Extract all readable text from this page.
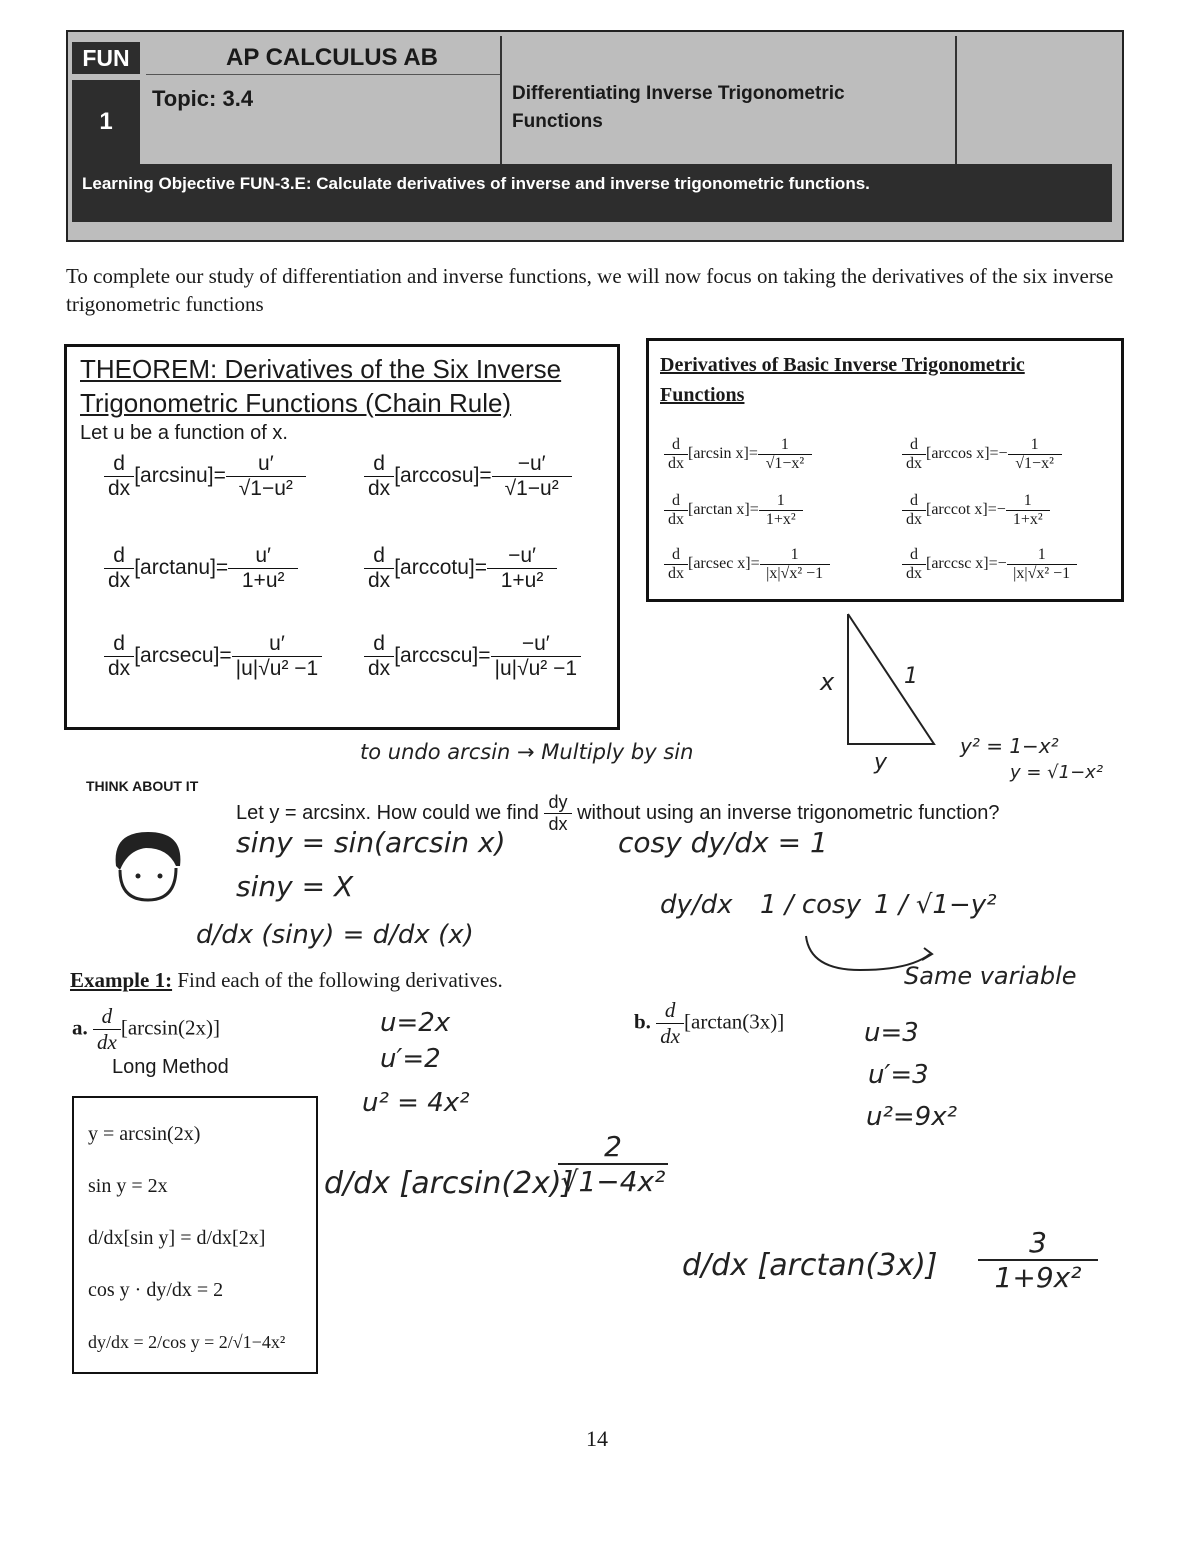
FUN
1
AP CALCULUS AB
Topic: 3.4	Differentiating Inverse Trigonometric
Functions
Learning Objective FUN-3.E: Calculate derivatives of inverse and inverse trigonometric functions.
To complete our study of differentiation and inverse functions, we will now focus on taking the derivatives of the six inverse trigonometric functions
THEOREM: Derivatives of the Six Inverse
Trigonometric Functions (Chain Rule)
Let u be a function of x.
$\frac{d}{dx} [\arcsin u]= \frac{u'}{\text{√1−u²}}$	$\frac{d}{dx} [\arccos u]= \frac{-u'}{\text{√1−u²}}$
$\frac{d}{dx} [\arctan u]= \frac{u'}{\text{1+u²}}$	$\frac{d}{dx} [arccotu]= \frac{-u'}{\text{1+u²}}$
$\frac{d}{dx} [arcsecu]= \frac{u'}{\text{|u|√u² −1}} \frac{d}{dx} [arccscu]= \frac{-u'}{\text{|u|√u² −1}}$
Derivatives of Basic Inverse Trigonometric
Functions
$\frac{d}{dx} [\arcsin$ $x]= \frac{1}{\text{√1−x²}}$	$\frac{d}{dx} [\arccos$ $x]=- \frac{1}{\text{√1−x²}}$
$\frac{d}{dx} [\arctan$ $x]= \frac{1}{\text{1+x²}}$	$\frac{d}{dx} [arccot$ $x]=- \frac{1}{\text{1+x²}}$
$\frac{d}{dx} [arcsec$ $x]= \frac{1}{\text{|x|√x² −1}}$	$\frac{d}{dx} [arccsc$ $x]=- \frac{1}{\text{|x|√x² −1}}$
x	1
y
y² = 1−x²
y = √1−x²
to undo arcsin → Multiply by sin
THINK ABOUT IT
Let y = arcsinx. How could we find $\frac{dy}{dx}$ without using an inverse trigonometric function?
siny = sin(arcsin x)
siny = X
d/dx (siny) = d/dx (x)
cosy dy/dx = 1
dy/dx 1 / cosy 1 / √1−y²
Same variable
Example 1: Find each of the following derivatives.
a. $\frac{d}{dx} [\arcsin(2x)]$
Long Method
b. $\frac{d}{dx} [\arctan(3x)]$
y = arcsin(2x)
sin y = 2x
d/dx[sin y] = d/dx[2x]
cos y · dy/dx = 2
dy/dx = 2/cos y = 2/√1−4x²
u=2x
u′=2
u² = 4x²
d/dx [arcsin(2x)]
$\frac{2}{\text{√1−4x²}}$
u=3
u′=3
u²=9x²
d/dx $[\arctan(3x)] \frac{3}{\text{1+9x²}}$
14
